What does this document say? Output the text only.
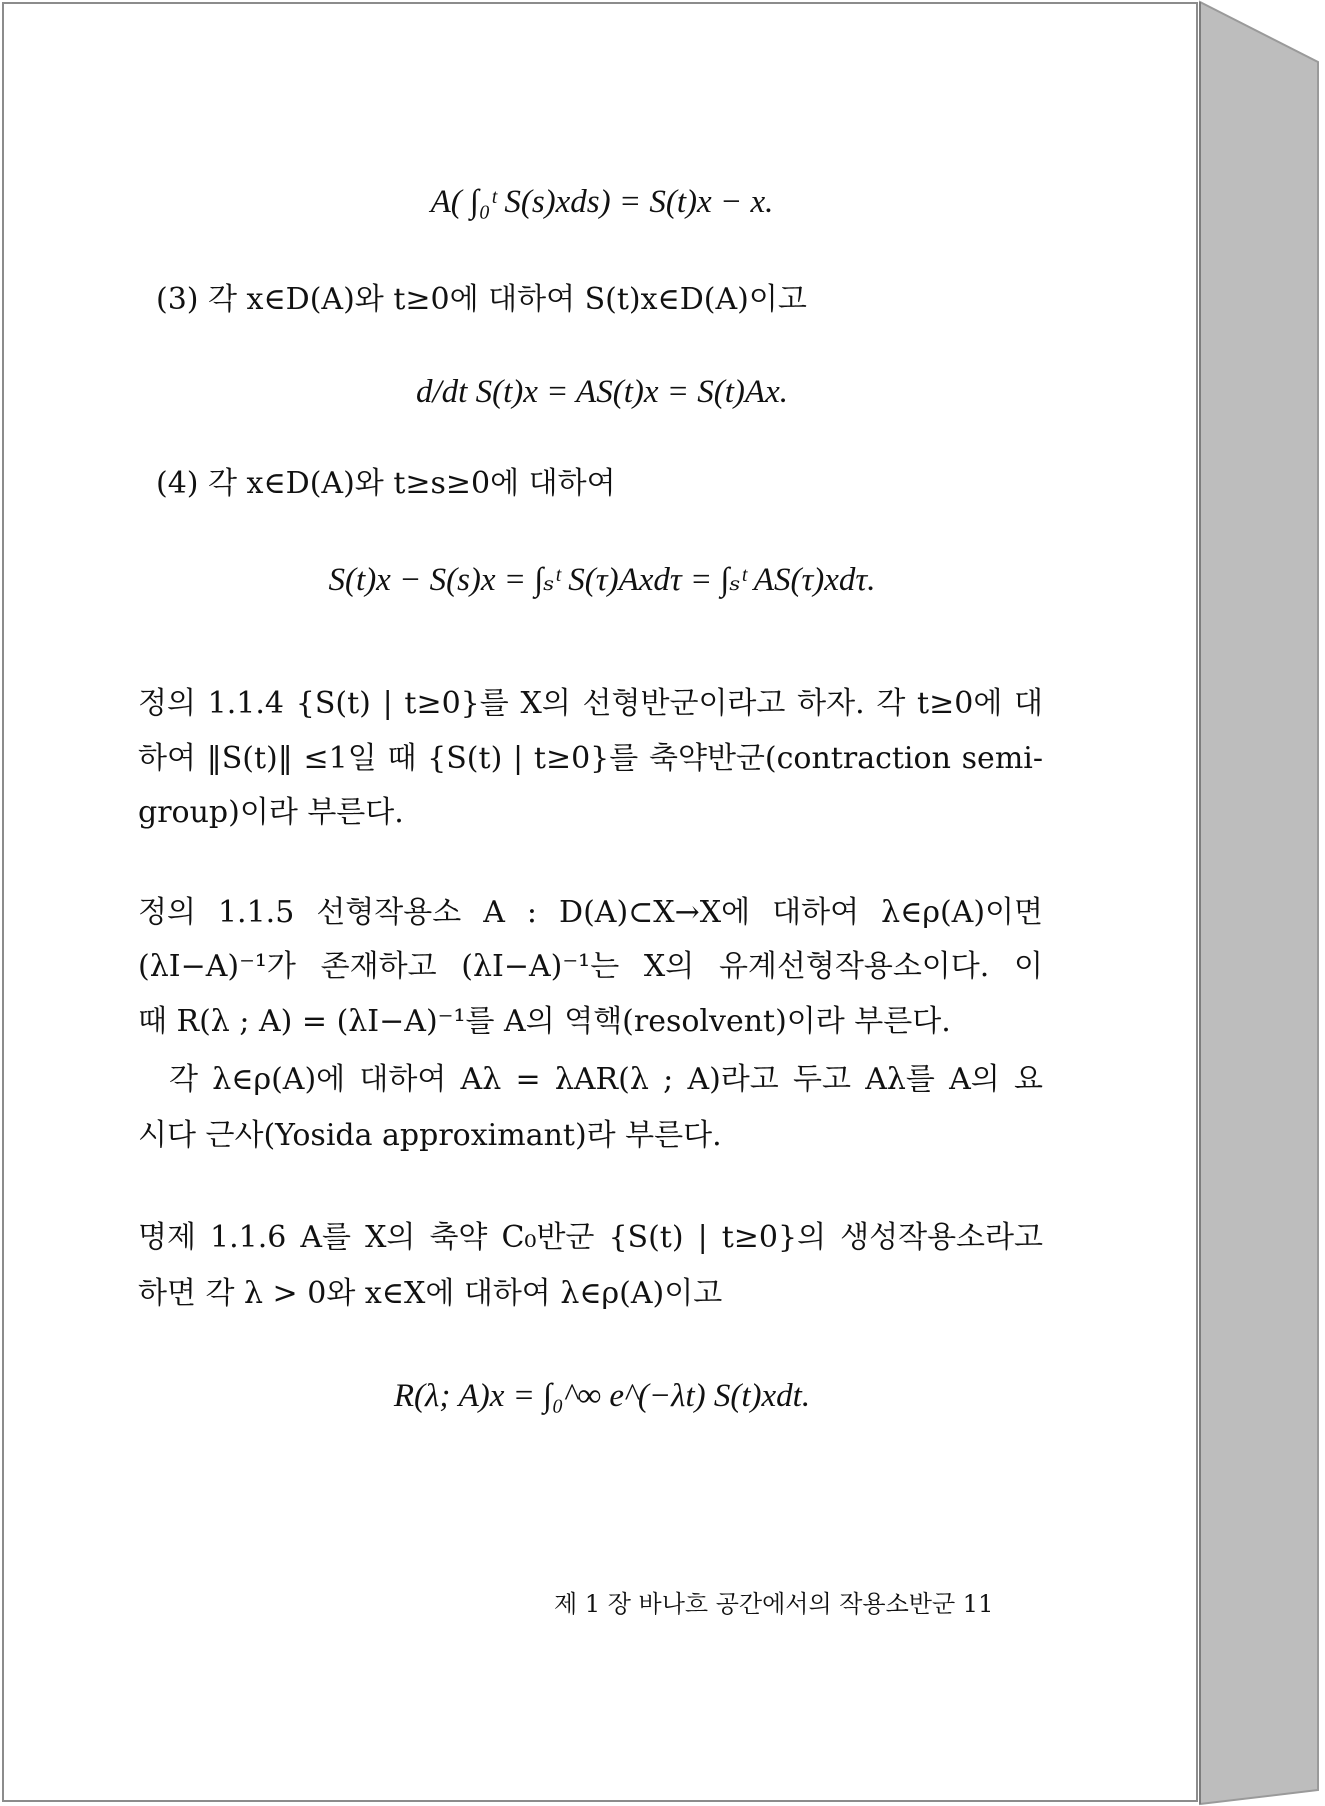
A( ∫₀ᵗ S(s)xds) = S(t)x − x.
(3) 각 x∈D(A)와 t≥0에 대하여 S(t)x∈D(A)이고
d/dt S(t)x = AS(t)x = S(t)Ax.
(4) 각 x∈D(A)와 t≥s≥0에 대하여
S(t)x − S(s)x = ∫ₛᵗ S(τ)Axdτ = ∫ₛᵗ AS(τ)xdτ.
정의 1.1.4 {S(t) | t≥0}를 X의 선형반군이라고 하자. 각 t≥0에 대
하여 ‖S(t)‖ ≤1일 때 {S(t) | t≥0}를 축약반군(contraction semi-
group)이라 부른다.
정의 1.1.5 선형작용소 A : D(A)⊂X→X에 대하여 λ∈ρ(A)이면
(λI−A)⁻¹가 존재하고 (λI−A)⁻¹는 X의 유계선형작용소이다. 이
때 R(λ ; A) = (λI−A)⁻¹를 A의 역핵(resolvent)이라 부른다.
각 λ∈ρ(A)에 대하여 Aλ = λAR(λ ; A)라고 두고 Aλ를 A의 요
시다 근사(Yosida approximant)라 부른다.
명제 1.1.6 A를 X의 축약 C₀반군 {S(t) | t≥0}의 생성작용소라고
하면 각 λ > 0와 x∈X에 대하여 λ∈ρ(A)이고
R(λ; A)x = ∫₀^∞ e^(−λt) S(t)xdt.
제 1 장 바나흐 공간에서의 작용소반군 11
